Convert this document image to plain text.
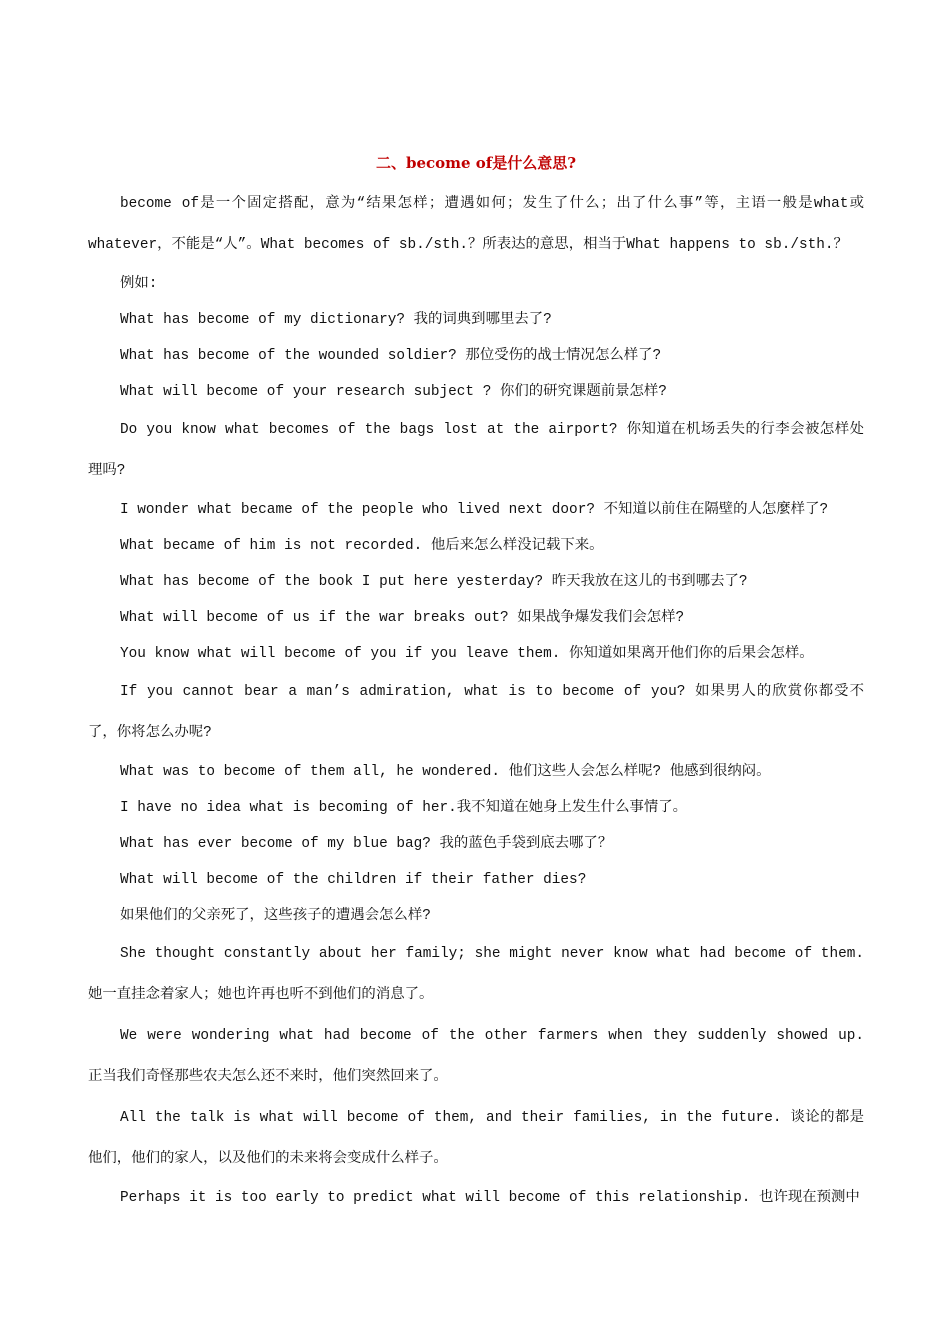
二、become of是什么意思?

become of是一个固定搭配，意为“结果怎样；遭遇如何；发生了什么；出了什么事”等，主语一般是what或whatever，不能是“人”。What becomes of sb./sth.？所表达的意思，相当于What happens to sb./sth.？

例如:

What has become of my dictionary? 我的词典到哪里去了?

What has become of the wounded soldier? 那位受伤的战士情况怎么样了?

What will become of your research subject ? 你们的研究课题前景怎样?

Do you know what becomes of the bags lost at the airport? 你知道在机场丢失的行李会被怎样处理吗?

I wonder what became of the people who lived next door? 不知道以前住在隔壁的人怎麼样了?

What became of him is not recorded. 他后来怎么样没记载下来。

What has become of the book I put here yesterday? 昨天我放在这儿的书到哪去了?

What will become of us if the war breaks out? 如果战争爆发我们会怎样?

You know what will become of you if you leave them. 你知道如果离开他们你的后果会怎样。

If you cannot bear a man’s admiration, what is to become of you? 如果男人的欣赏你都受不了，你将怎么办呢?

What was to become of them all, he wondered. 他们这些人会怎么样呢? 他感到很纳闷。

I have no idea what is becoming of her.我不知道在她身上发生什么事情了。

What has ever become of my blue bag? 我的蓝色手袋到底去哪了？

What will become of the children if their father dies?

如果他们的父亲死了，这些孩子的遭遇会怎么样?

She thought constantly about her family; she might never know what had become of them. 她一直挂念着家人；她也许再也听不到他们的消息了。

We were wondering what had become of the other farmers when they suddenly showed up. 正当我们奇怪那些农夫怎么还不来时，他们突然回来了。

All the talk is what will become of them, and their families, in the future. 谈论的都是他们，他们的家人，以及他们的未来将会变成什么样子。

Perhaps it is too early to predict what will become of this relationship. 也许现在预测中
